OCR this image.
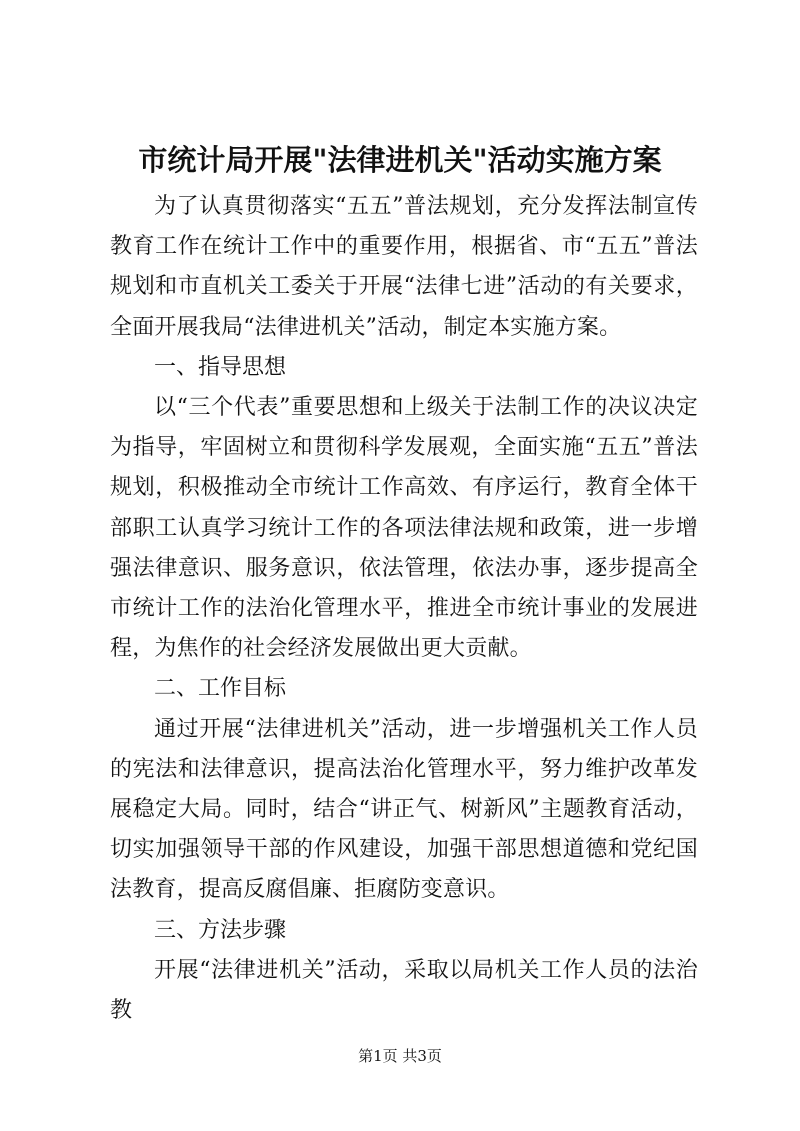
市统计局开展"法律进机关"活动实施方案

为了认真贯彻落实“五五”普法规划，充分发挥法制宣传教育工作在统计工作中的重要作用，根据省、市“五五”普法规划和市直机关工委关于开展“法律七进”活动的有关要求，全面开展我局“法律进机关”活动，制定本实施方案。

一、指导思想

以“三个代表”重要思想和上级关于法制工作的决议决定为指导，牢固树立和贯彻科学发展观，全面实施“五五”普法规划，积极推动全市统计工作高效、有序运行，教育全体干部职工认真学习统计工作的各项法律法规和政策，进一步增强法律意识、服务意识，依法管理，依法办事，逐步提高全市统计工作的法治化管理水平，推进全市统计事业的发展进程，为焦作的社会经济发展做出更大贡献。

二、工作目标

通过开展“法律进机关”活动，进一步增强机关工作人员的宪法和法律意识，提高法治化管理水平，努力维护改革发展稳定大局。同时，结合“讲正气、树新风”主题教育活动，切实加强领导干部的作风建设，加强干部思想道德和党纪国法教育，提高反腐倡廉、拒腐防变意识。

三、方法步骤

开展“法律进机关”活动，采取以局机关工作人员的法治教

第1页 共3页
